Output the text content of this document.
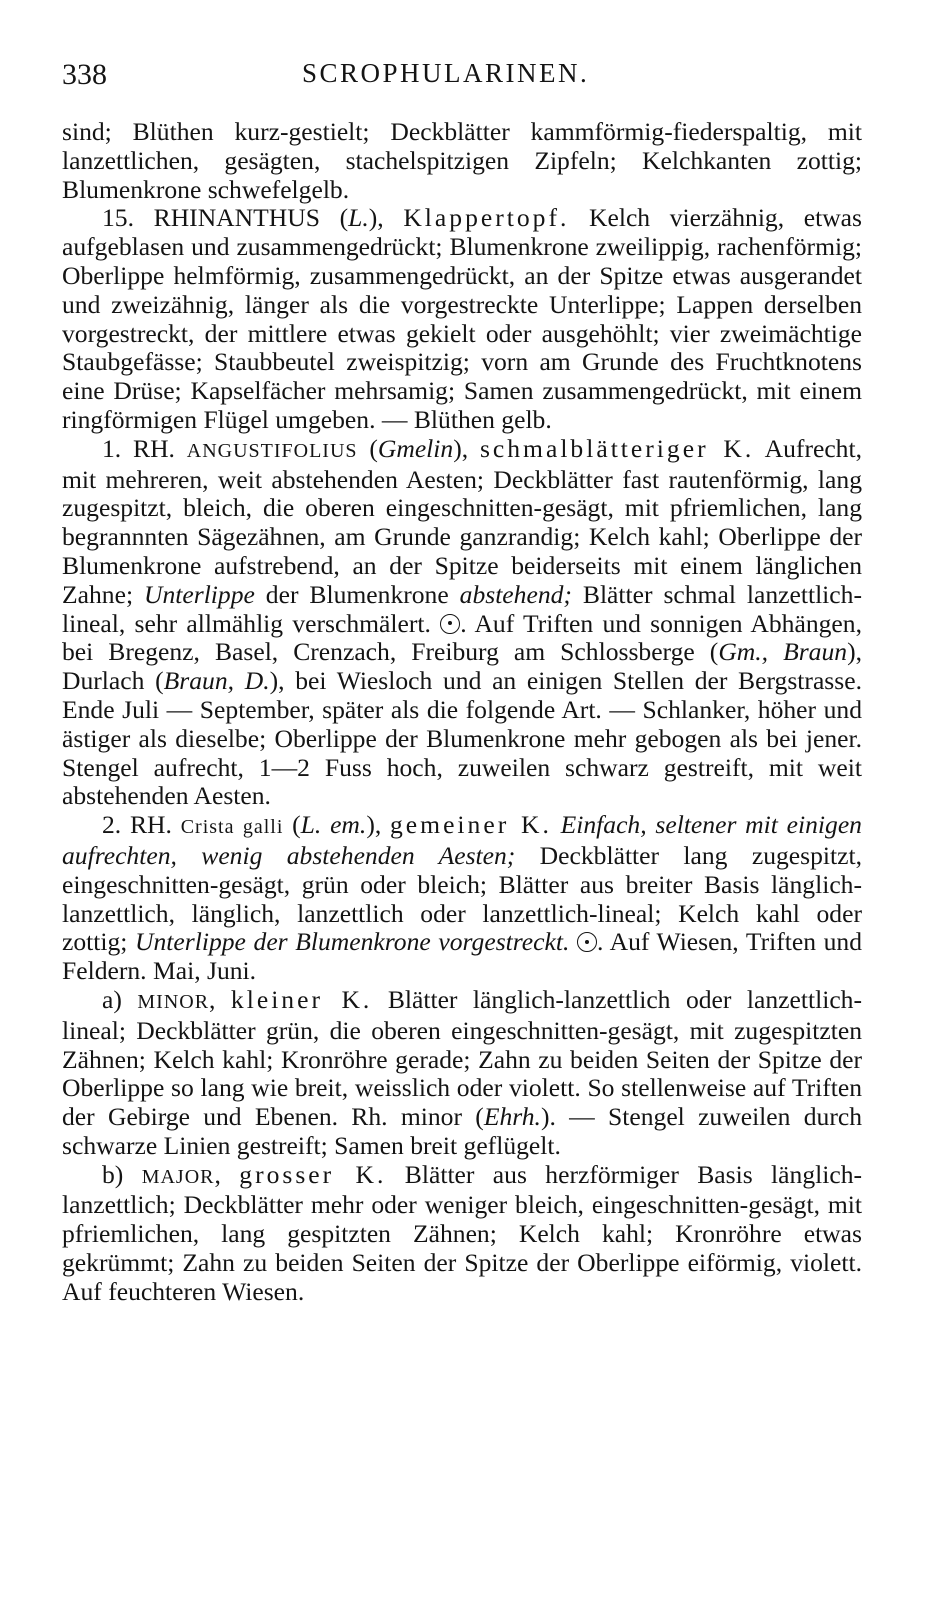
338	SCROPHULARINEN.

sind; Blüthen kurz-gestielt; Deckblätter kammförmig-fiederspaltig, mit lanzettlichen, gesägten, stachelspitzigen Zipfeln; Kelchkanten zottig; Blumenkrone schwefelgelb.

15. RHINANTHUS (L.), Klappertopf. Kelch vierzähnig, etwas aufgeblasen und zusammengedrückt; Blumenkrone zweilippig, rachenförmig; Oberlippe helmförmig, zusammengedrückt, an der Spitze etwas ausgerandet und zweizähnig, länger als die vorgestreckte Unterlippe; Lappen derselben vorgestreckt, der mittlere etwas gekielt oder ausgehöhlt; vier zweimächtige Staubgefässe; Staubbeutel zweispitzig; vorn am Grunde des Fruchtknotens eine Drüse; Kapselfächer mehrsamig; Samen zusammengedrückt, mit einem ringförmigen Flügel umgeben. — Blüthen gelb.

1. RH. ANGUSTIFOLIUS (Gmelin), schmalblätteriger K. Aufrecht, mit mehreren, weit abstehenden Aesten; Deckblätter fast rautenförmig, lang zugespitzt, bleich, die oberen eingeschnitten-gesägt, mit pfriemlichen, lang begrannnten Sägezähnen, am Grunde ganzrandig; Kelch kahl; Oberlippe der Blumenkrone aufstrebend, an der Spitze beiderseits mit einem länglichen Zahne; Unterlippe der Blumenkrone abstehend; Blätter schmal lanzettlich-lineal, sehr allmählig verschmälert. . Auf Triften und sonnigen Abhängen, bei Bregenz, Basel, Crenzach, Freiburg am Schlossberge (Gm., Braun), Durlach (Braun, D.), bei Wiesloch und an einigen Stellen der Bergstrasse. Ende Juli — September, später als die folgende Art. — Schlanker, höher und ästiger als dieselbe; Oberlippe der Blumenkrone mehr gebogen als bei jener. Stengel aufrecht, 1—2 Fuss hoch, zuweilen schwarz gestreift, mit weit abstehenden Aesten.

2. RH. Crista galli (L. em.), gemeiner K. Einfach, seltener mit einigen aufrechten, wenig abstehenden Aesten; Deckblätter lang zugespitzt, eingeschnitten-gesägt, grün oder bleich; Blätter aus breiter Basis länglich-lanzettlich, länglich, lanzettlich oder lanzettlich-lineal; Kelch kahl oder zottig; Unterlippe der Blumenkrone vorgestreckt. . Auf Wiesen, Triften und Feldern. Mai, Juni.

a) MINOR, kleiner K. Blätter länglich-lanzettlich oder lanzettlich-lineal; Deckblätter grün, die oberen eingeschnitten-gesägt, mit zugespitzten Zähnen; Kelch kahl; Kronröhre gerade; Zahn zu beiden Seiten der Spitze der Oberlippe so lang wie breit, weisslich oder violett. So stellenweise auf Triften der Gebirge und Ebenen. Rh. minor (Ehrh.). — Stengel zuweilen durch schwarze Linien gestreift; Samen breit geflügelt.

b) MAJOR, grosser K. Blätter aus herzförmiger Basis länglich-lanzettlich; Deckblätter mehr oder weniger bleich, eingeschnitten-gesägt, mit pfriemlichen, lang gespitzten Zähnen; Kelch kahl; Kronröhre etwas gekrümmt; Zahn zu beiden Seiten der Spitze der Oberlippe eiförmig, violett. Auf feuchteren Wiesen.
